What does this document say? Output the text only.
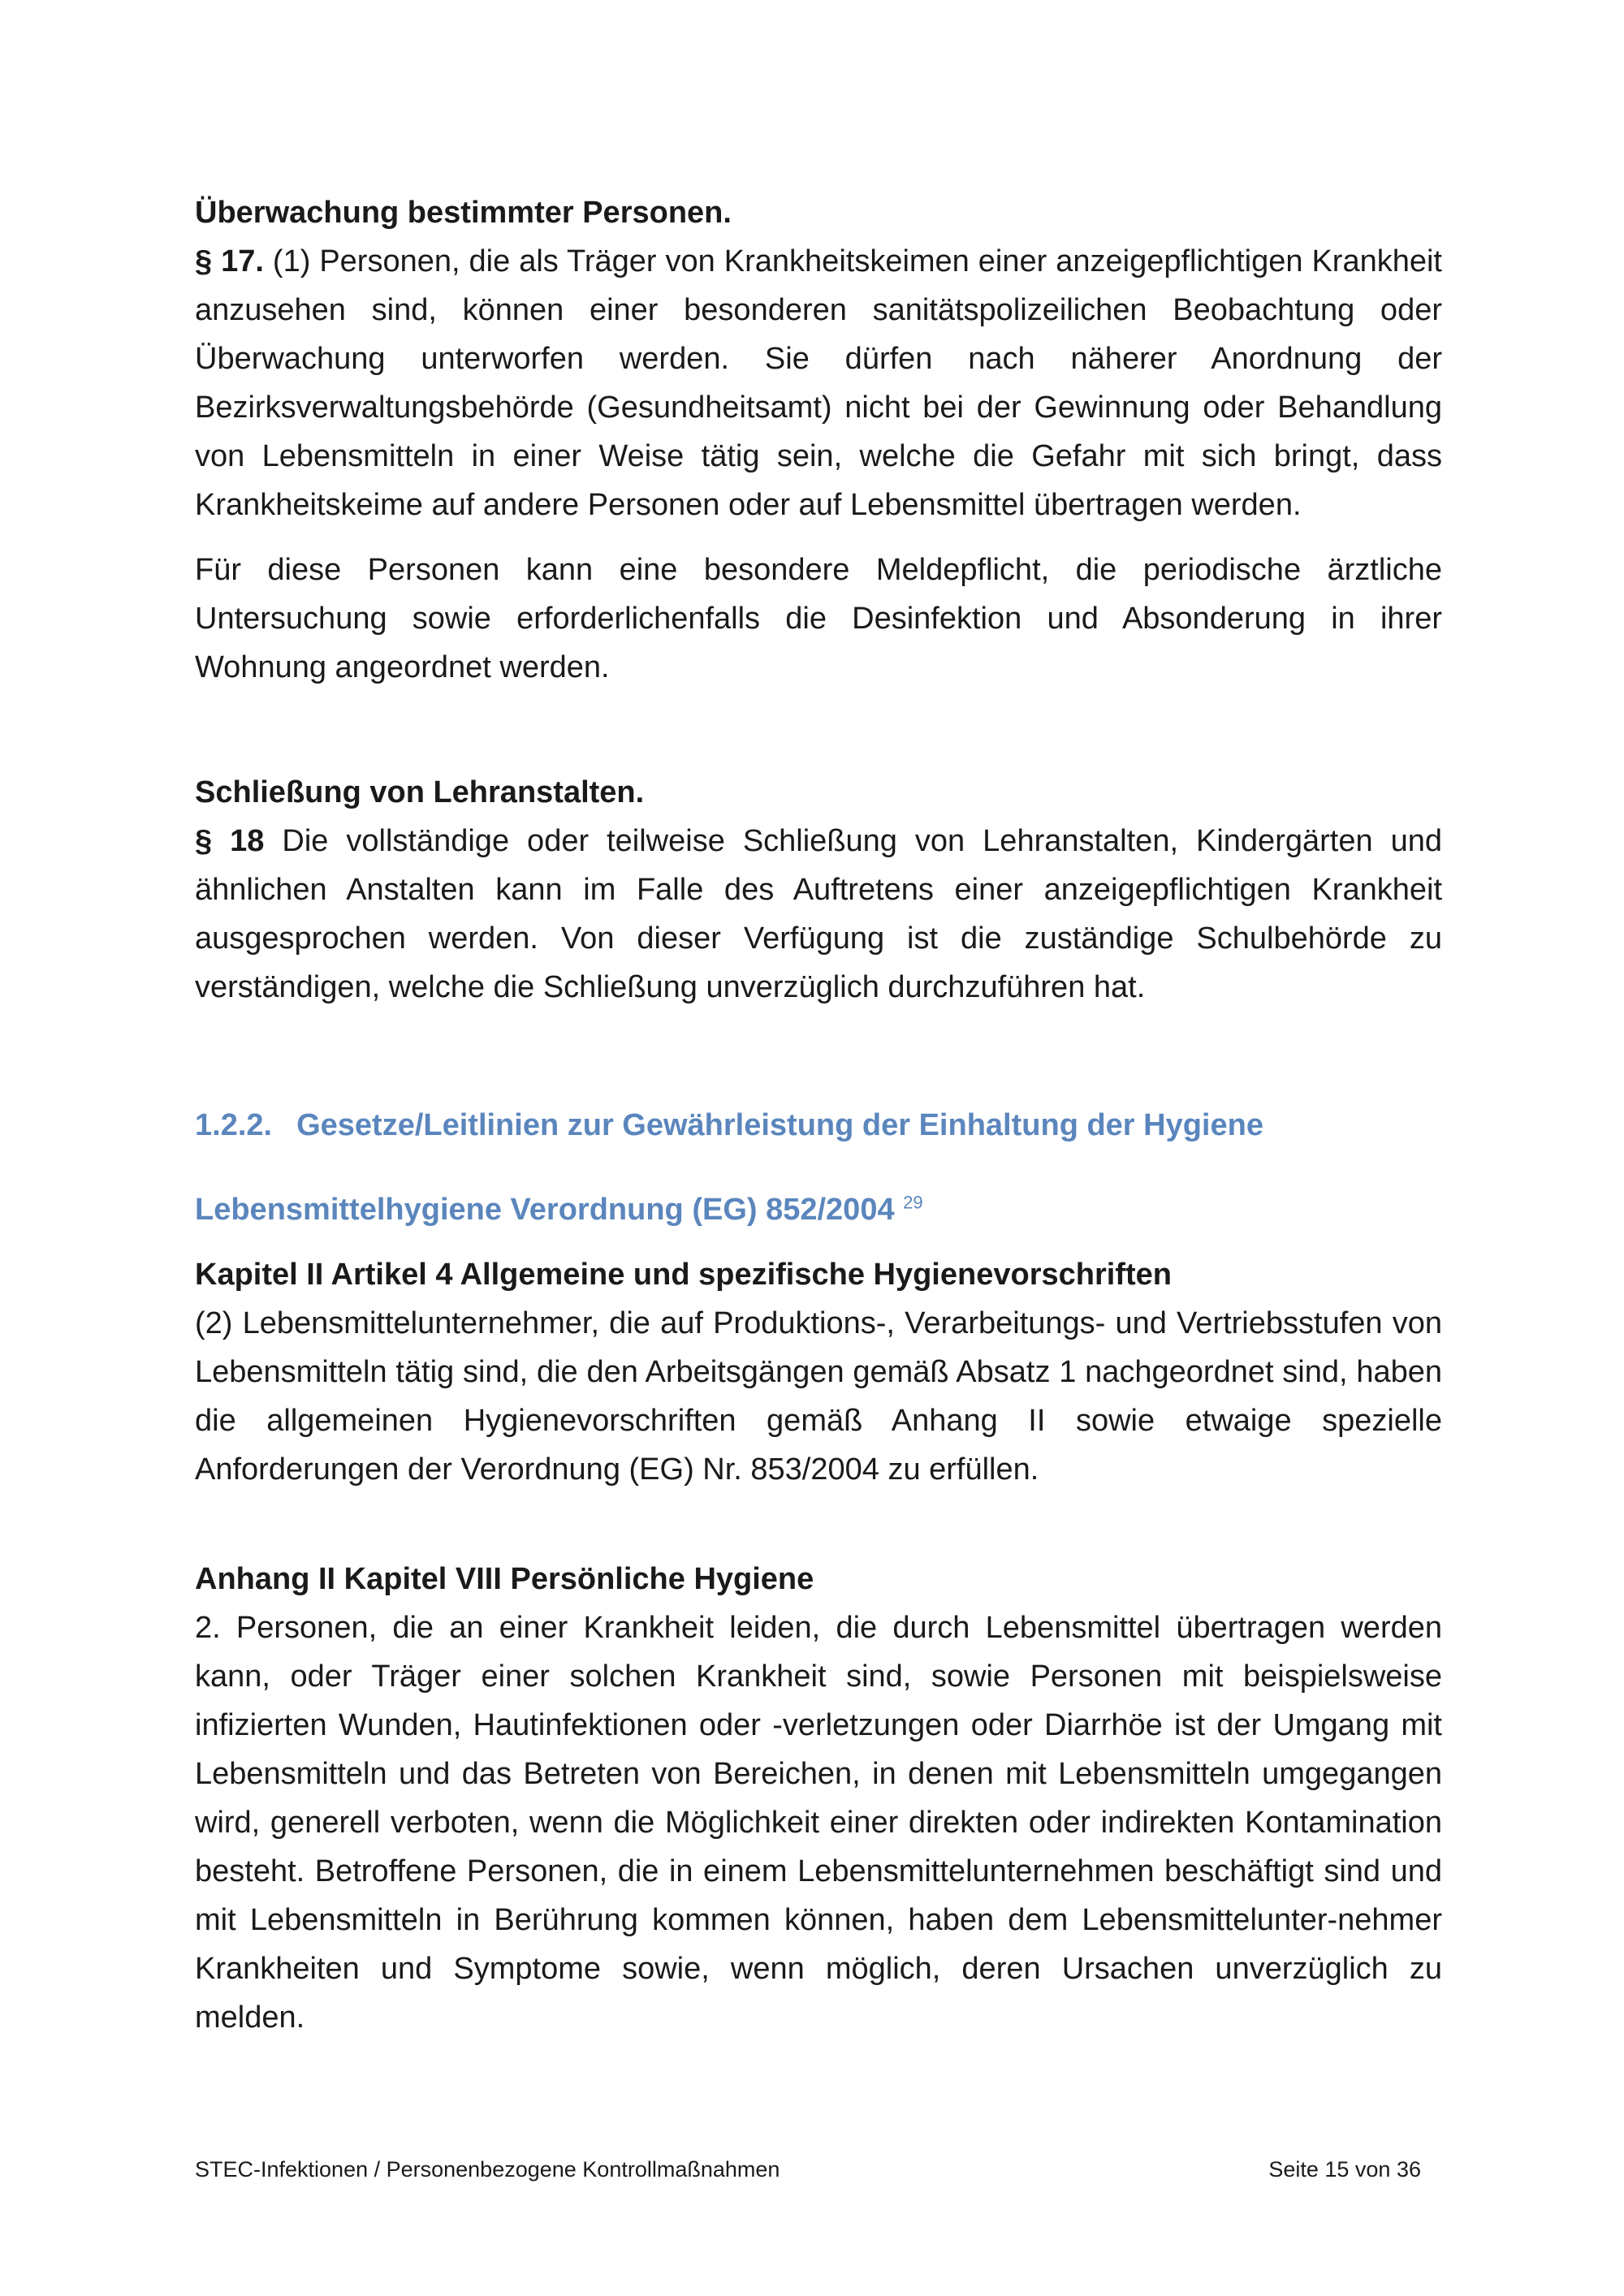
Überwachung bestimmter Personen.

§ 17. (1) Personen, die als Träger von Krankheitskeimen einer anzeigepflichtigen Krankheit anzusehen sind, können einer besonderen sanitätspolizeilichen Beobachtung oder Überwachung unterworfen werden. Sie dürfen nach näherer Anordnung der Bezirksverwaltungsbehörde (Gesundheitsamt) nicht bei der Gewinnung oder Behandlung von Lebensmitteln in einer Weise tätig sein, welche die Gefahr mit sich bringt, dass Krankheitskeime auf andere Personen oder auf Lebensmittel übertragen werden.

Für diese Personen kann eine besondere Meldepflicht, die periodische ärztliche Untersuchung sowie erforderlichenfalls die Desinfektion und Absonderung in ihrer Wohnung angeordnet werden.

Schließung von Lehranstalten.

§ 18 Die vollständige oder teilweise Schließung von Lehranstalten, Kindergärten und ähnlichen Anstalten kann im Falle des Auftretens einer anzeigepflichtigen Krankheit ausgesprochen werden. Von dieser Verfügung ist die zuständige Schulbehörde zu verständigen, welche die Schließung unverzüglich durchzuführen hat.

1.2.2. Gesetze/Leitlinien zur Gewährleistung der Einhaltung der Hygiene

Lebensmittelhygiene Verordnung (EG) 852/2004 $^{29}$

Kapitel II Artikel 4 Allgemeine und spezifische Hygienevorschriften

(2) Lebensmittelunternehmer, die auf Produktions-, Verarbeitungs- und Vertriebsstufen von Lebensmitteln tätig sind, die den Arbeitsgängen gemäß Absatz 1 nachgeordnet sind, haben die allgemeinen Hygienevorschriften gemäß Anhang II sowie etwaige spezielle Anforderungen der Verordnung (EG) Nr. 853/2004 zu erfüllen.

Anhang II Kapitel VIII Persönliche Hygiene

2. Personen, die an einer Krankheit leiden, die durch Lebensmittel übertragen werden kann, oder Träger einer solchen Krankheit sind, sowie Personen mit beispielsweise infizierten Wunden, Hautinfektionen oder -verletzungen oder Diarrhöe ist der Umgang mit Lebensmitteln und das Betreten von Bereichen, in denen mit Lebensmitteln umgegangen wird, generell verboten, wenn die Möglichkeit einer direkten oder indirekten Kontamination besteht. Betroffene Personen, die in einem Lebensmittelunternehmen beschäftigt sind und mit Lebensmitteln in Berührung kommen können, haben dem Lebensmittelunter-nehmer Krankheiten und Symptome sowie, wenn möglich, deren Ursachen unverzüglich zu melden.

STEC-Infektionen / Personenbezogene Kontrollmaßnahmen	Seite 15 von 36
